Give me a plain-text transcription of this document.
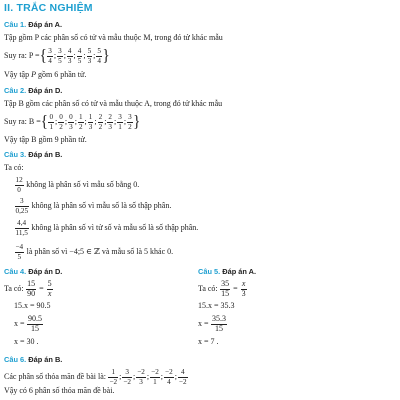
II. TRẮC NGHIỆM
Câu 1. Đáp án A.
Tập gồm P các phân số có tử và mẫu thuộc M, trong đó tử khác mẫu
Suy ra:
P = { $\frac{3}{4}$ ; $\frac{3}{5}$ ; $\frac{4}{3}$ ; $\frac{4}{5}$ ; $\frac{5}{3}$ ; $\frac{5}{4}$ }
Vậy tập P gồm 6 phần tử.
Câu 2. Đáp án D.
Tập B gồm các phân số có tử và mẫu thuộc A, trong đó tử khác mẫu
Suy ra:
B = { $\frac{0}{1}$ ; $\frac{0}{2}$ ; $\frac{0}{3}$ ; $\frac{1}{2}$ ; $\frac{1}{3}$ ; $\frac{2}{2}$ ; $\frac{2}{3}$ ; $\frac{3}{1}$ ; $\frac{3}{2}$ }
Vậy tập B gồm 9 phần tử.
Câu 3. Đáp án B.
Ta có:
$\frac{12}{0}$
không là phân số vì mẫu số bằng 0.
$\frac{3}{0,25}$
không là phân số vì mẫu số là số thập phân.
$\frac{4,4}{11,5}$
không là phân số vì tử số và mẫu số là số thập phân.
$\frac{-4}{5}$
là phân số vì −4;5 ∈ ℤ và mẫu số là 5 khác 0.
Câu 4. Đáp án D.
Ta có:
$\frac{15}{90} = \frac{5}{x}$
15.x = 90.5
x =
$\frac{90.5}{15}$
x = 30 .
Câu 5. Đáp án A.
Ta có:
$\frac{35}{15} = \frac{x}{3}$
15.x = 35.3
x =
$\frac{35.3}{15}$
x = 7 .
Câu 6. Đáp án B.
Các phân số thỏa mãn đề bài là:
$\frac{1}{-2}$ ; $\frac{3}{-2}$ ; $\frac{-2}{3}$ ; $\frac{-2}{1}$ ; $\frac{-2}{4}$ ; $\frac{4}{-2}$
Vậy có 6 phân số thỏa mãn đề bài.
